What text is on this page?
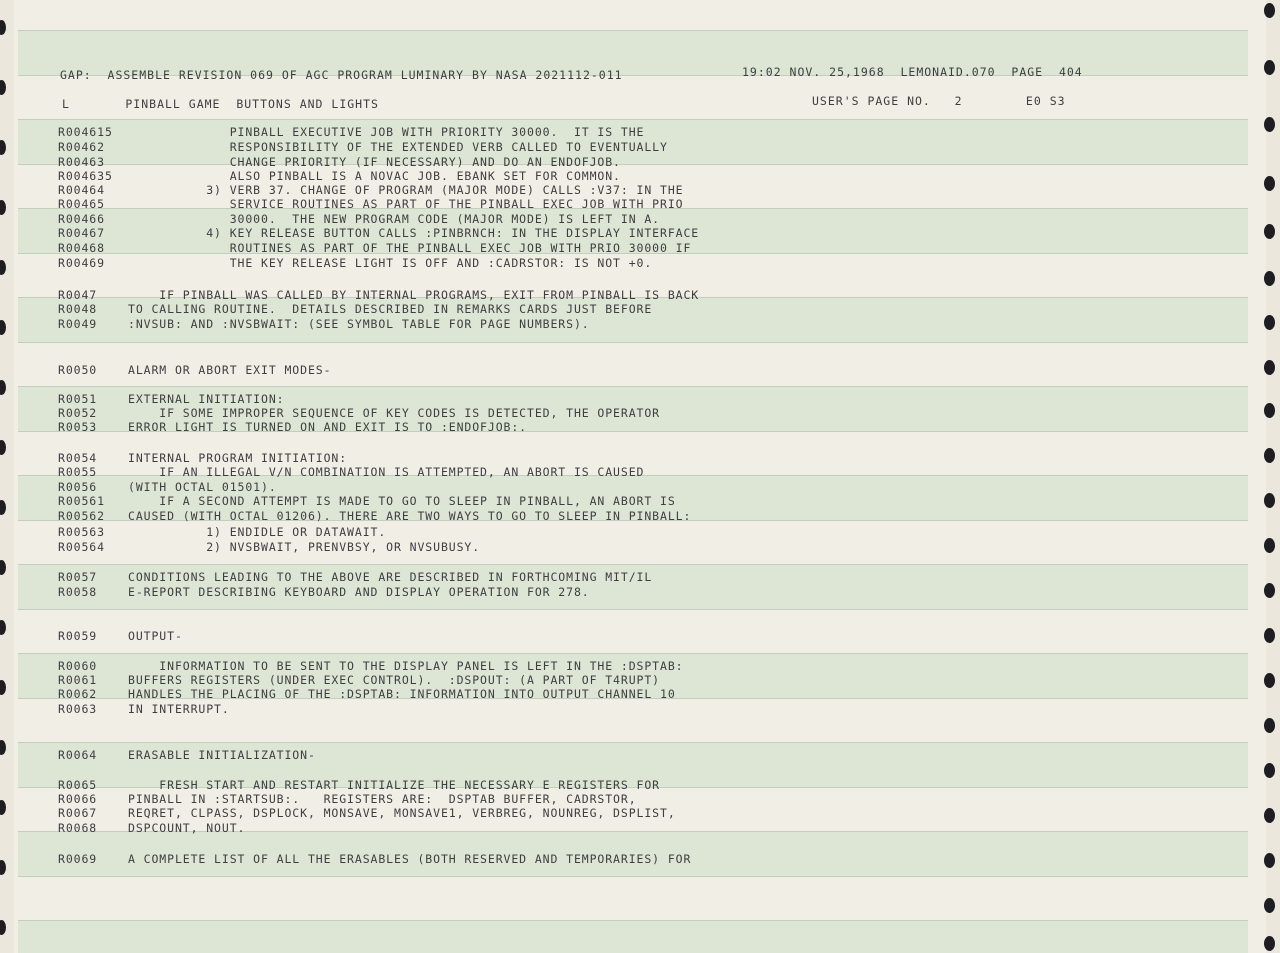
GAP:  ASSEMBLE REVISION 069 OF AGC PROGRAM LUMINARY BY NASA 2021112-011	19:02 NOV. 25,1968  LEMONAID.070  PAGE  404
L       PINBALL GAME  BUTTONS AND LIGHTS	USER'S PAGE NO.   2        E0 S3
R004615 PINBALL EXECUTIVE JOB WITH PRIORITY 30000.  IT IS THE
R00462 RESPONSIBILITY OF THE EXTENDED VERB CALLED TO EVENTUALLY
R00463 CHANGE PRIORITY (IF NECESSARY) AND DO AN ENDOFJOB.
R004635 ALSO PINBALL IS A NOVAC JOB. EBANK SET FOR COMMON.
R00464 3) VERB 37. CHANGE OF PROGRAM (MAJOR MODE) CALLS :V37: IN THE
R00465 SERVICE ROUTINES AS PART OF THE PINBALL EXEC JOB WITH PRIO
R00466 30000.  THE NEW PROGRAM CODE (MAJOR MODE) IS LEFT IN A.
R00467 4) KEY RELEASE BUTTON CALLS :PINBRNCH: IN THE DISPLAY INTERFACE
R00468 ROUTINES AS PART OF THE PINBALL EXEC JOB WITH PRIO 30000 IF
R00469 THE KEY RELEASE LIGHT IS OFF AND :CADRSTOR: IS NOT +0.
R0047	IF PINBALL WAS CALLED BY INTERNAL PROGRAMS, EXIT FROM PINBALL IS BACK
R0048	TO CALLING ROUTINE.  DETAILS DESCRIBED IN REMARKS CARDS JUST BEFORE
R0049	:NVSUB: AND :NVSBWAIT: (SEE SYMBOL TABLE FOR PAGE NUMBERS).
R0050	ALARM OR ABORT EXIT MODES-
R0051	EXTERNAL INITIATION:
R0052	IF SOME IMPROPER SEQUENCE OF KEY CODES IS DETECTED, THE OPERATOR
R0053	ERROR LIGHT IS TURNED ON AND EXIT IS TO :ENDOFJOB:.
R0054	INTERNAL PROGRAM INITIATION:
R0055	IF AN ILLEGAL V/N COMBINATION IS ATTEMPTED, AN ABORT IS CAUSED
R0056	(WITH OCTAL 01501).
R00561 IF A SECOND ATTEMPT IS MADE TO GO TO SLEEP IN PINBALL, AN ABORT IS
R00562 CAUSED (WITH OCTAL 01206). THERE ARE TWO WAYS TO GO TO SLEEP IN PINBALL:
R00563 1) ENDIDLE OR DATAWAIT.
R00564 2) NVSBWAIT, PRENVBSY, OR NVSUBUSY.
R0057	CONDITIONS LEADING TO THE ABOVE ARE DESCRIBED IN FORTHCOMING MIT/IL
R0058	E-REPORT DESCRIBING KEYBOARD AND DISPLAY OPERATION FOR 278.
R0059	OUTPUT-
R0060	INFORMATION TO BE SENT TO THE DISPLAY PANEL IS LEFT IN THE :DSPTAB:
R0061	BUFFERS REGISTERS (UNDER EXEC CONTROL).  :DSPOUT: (A PART OF T4RUPT)
R0062	HANDLES THE PLACING OF THE :DSPTAB: INFORMATION INTO OUTPUT CHANNEL 10
R0063	IN INTERRUPT.
R0064	ERASABLE INITIALIZATION-
R0065	FRESH START AND RESTART INITIALIZE THE NECESSARY E REGISTERS FOR
R0066	PINBALL IN :STARTSUB:.   REGISTERS ARE:  DSPTAB BUFFER, CADRSTOR,
R0067	REQRET, CLPASS, DSPLOCK, MONSAVE, MONSAVE1, VERBREG, NOUNREG, DSPLIST,
R0068	DSPCOUNT, NOUT.
R0069	A COMPLETE LIST OF ALL THE ERASABLES (BOTH RESERVED AND TEMPORARIES) FOR
